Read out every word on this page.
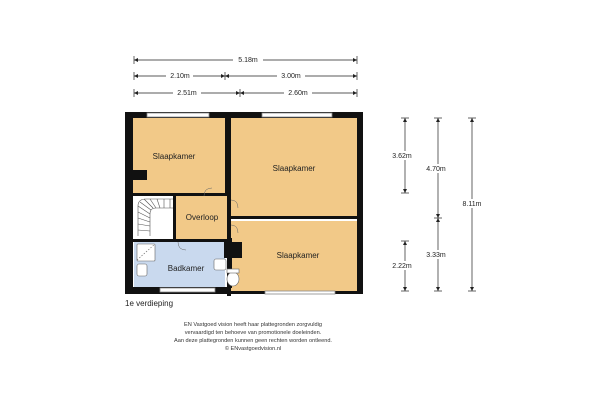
5.18m
2.10m	3.00m
2.51m	2.60m
3.62m
2.22m
4.70m
3.33m
8.11m
Slaapkamer
Slaapkamer
Overloop
Slaapkamer
Badkamer
1e verdieping
EN Vastgoed vision heeft haar plattegronden zorgvuldig
vervaardigd ten behoeve van promotionele doeleinden.
Aan deze plattegronden kunnen geen rechten worden ontleend.
© ENvastgoedvision.nl
